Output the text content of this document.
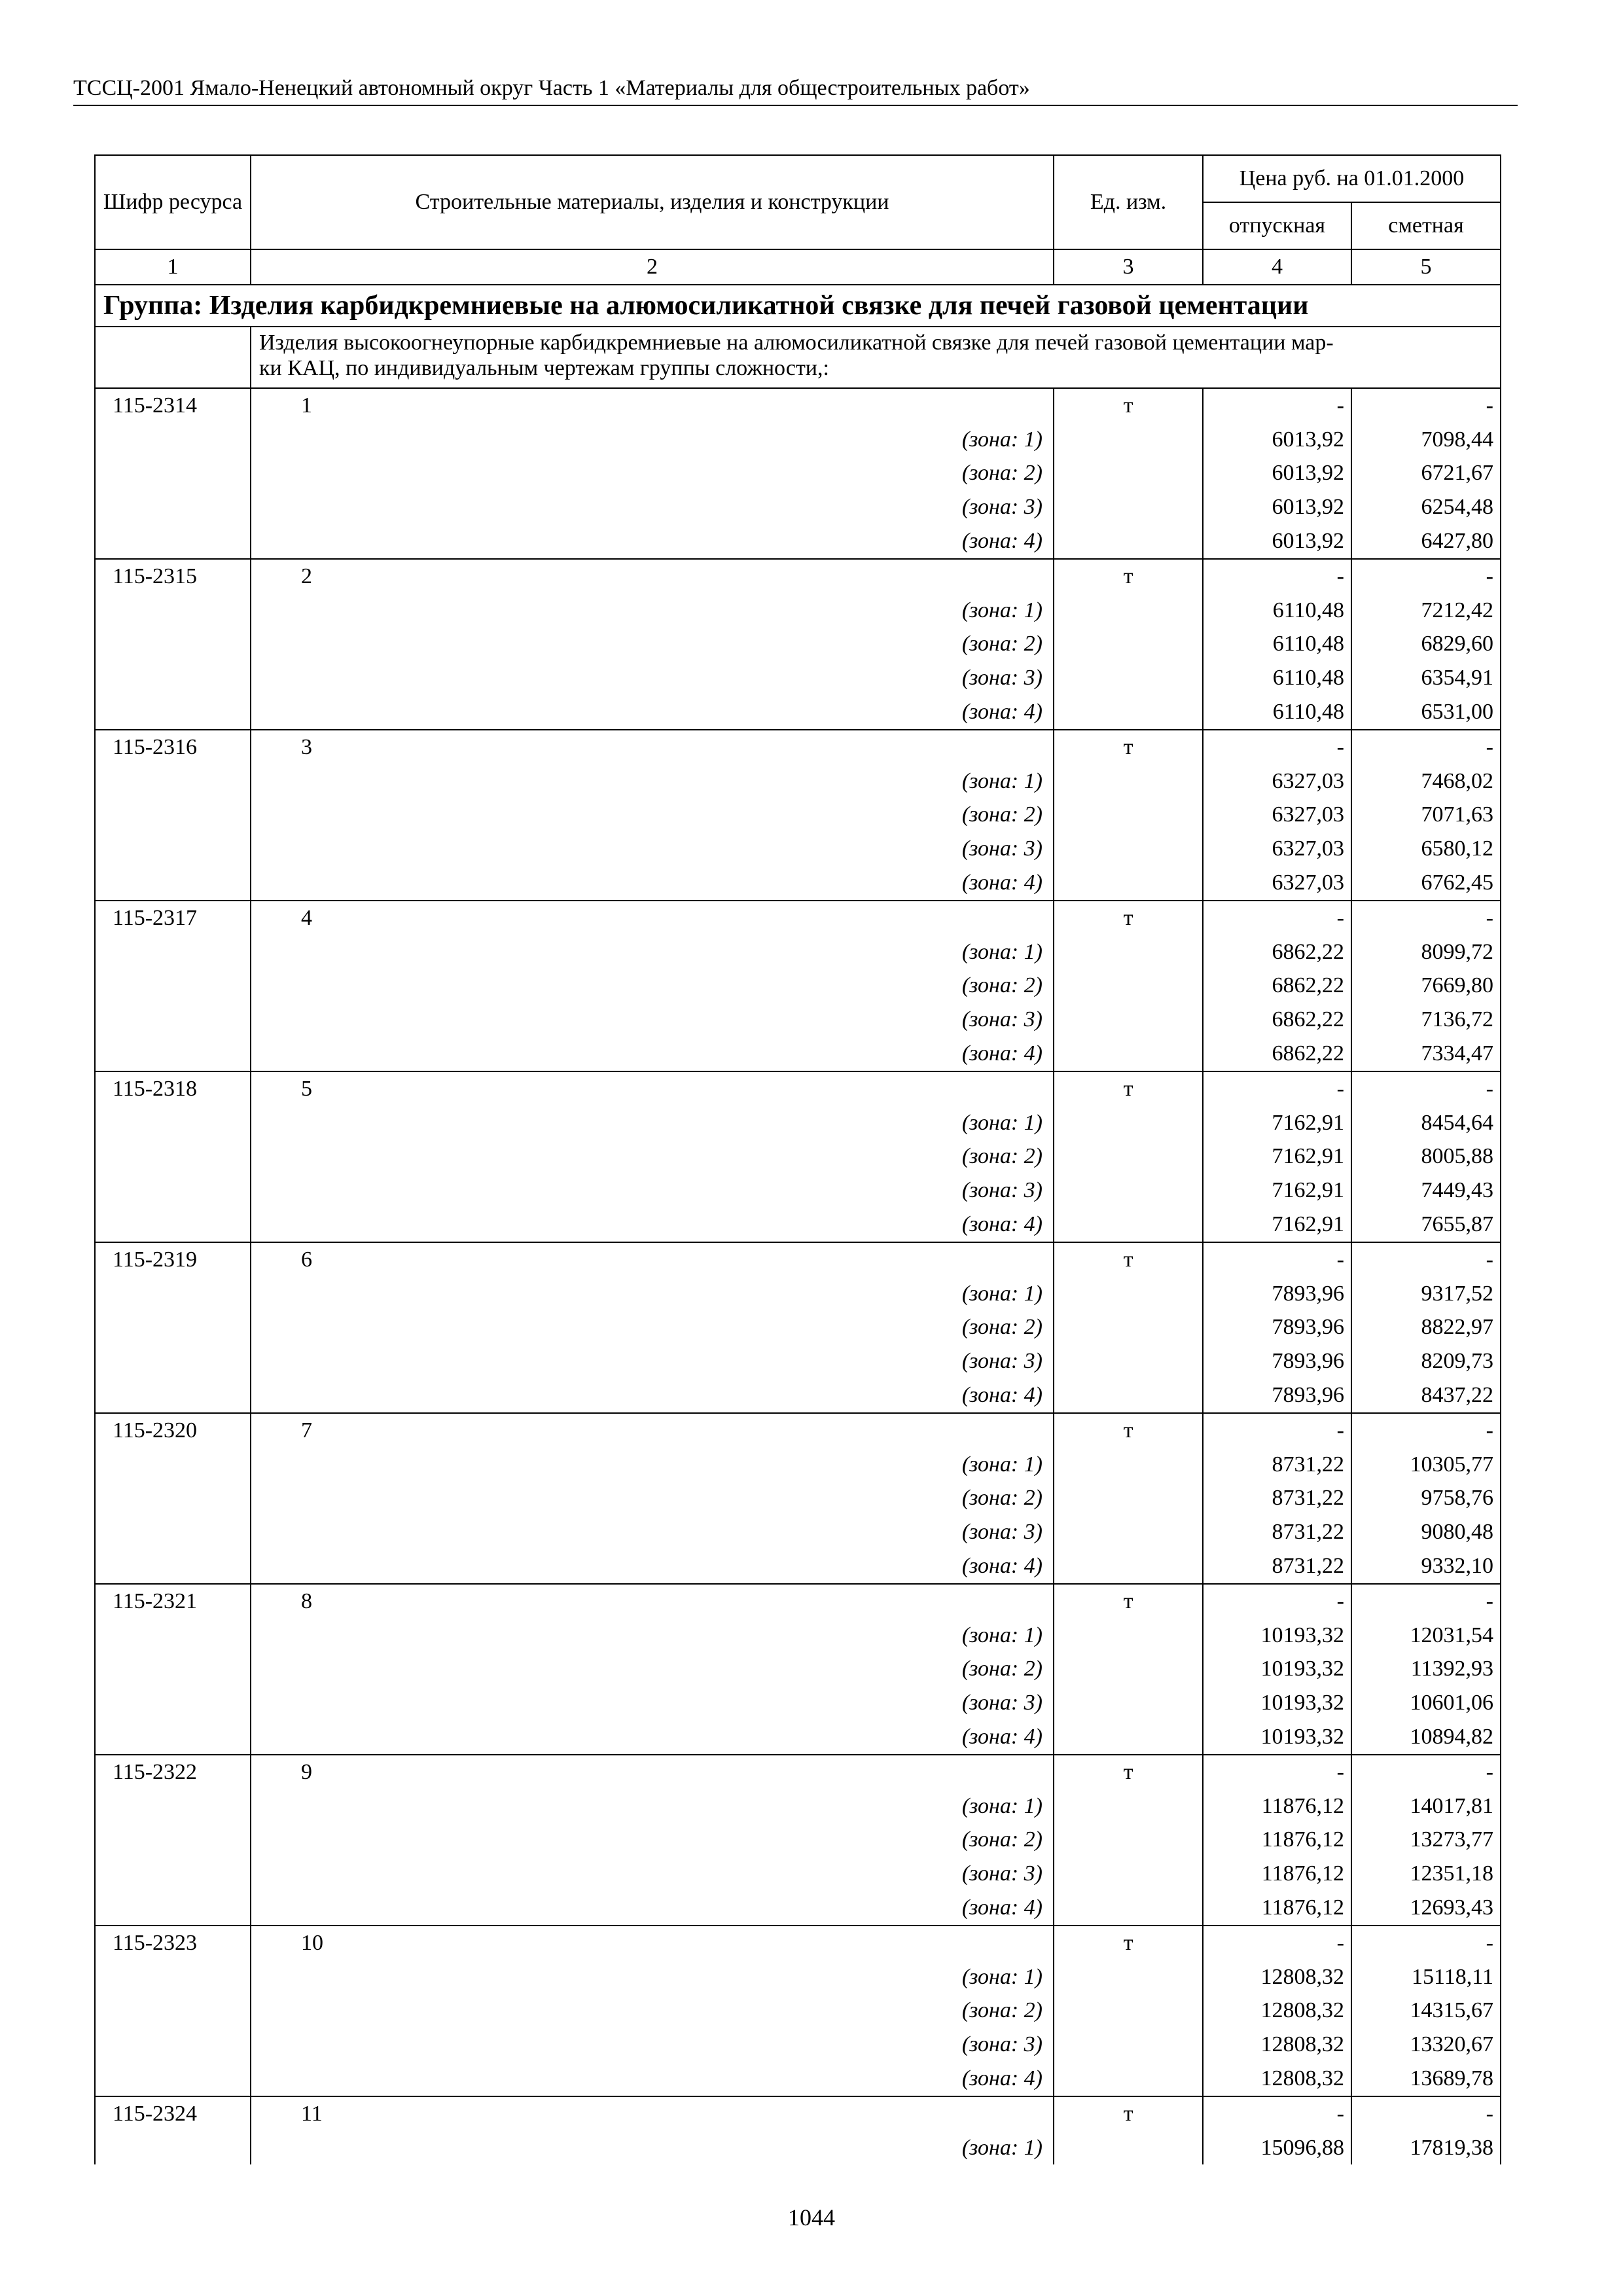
ТССЦ-2001 Ямало-Ненецкий автономный округ Часть 1 «Материалы для общестроительных работ»
Шифр ресурса	Строительные материалы, изделия и конструкции	Ед. изм.	Цена руб. на 01.01.2000	
			отпускная	сметная
1	2	3	4	5
Группа: Изделия карбидкремниевые на алюмосиликатной связке для печей газовой цементации				

	Изделия высокоогнеупорные карбидкремниевые на алюмосиликатной связке для печей газовой цементации мар-
ки КАЦ, по индивидуальным чертежам группы сложности,:			

115-2314	1	т	-	-
	(зона: 1)		6013,92	7098,44
	(зона: 2)		6013,92	6721,67
	(зона: 3)		6013,92	6254,48
	(зона: 4)		6013,92	6427,80
115-2315	2	т	-	-
	(зона: 1)		6110,48	7212,42
	(зона: 2)		6110,48	6829,60
	(зона: 3)		6110,48	6354,91
	(зона: 4)		6110,48	6531,00
115-2316	3	т	-	-
	(зона: 1)		6327,03	7468,02
	(зона: 2)		6327,03	7071,63
	(зона: 3)		6327,03	6580,12
	(зона: 4)		6327,03	6762,45
115-2317	4	т	-	-
	(зона: 1)		6862,22	8099,72
	(зона: 2)		6862,22	7669,80
	(зона: 3)		6862,22	7136,72
	(зона: 4)		6862,22	7334,47
115-2318	5	т	-	-
	(зона: 1)		7162,91	8454,64
	(зона: 2)		7162,91	8005,88
	(зона: 3)		7162,91	7449,43
	(зона: 4)		7162,91	7655,87
115-2319	6	т	-	-
	(зона: 1)		7893,96	9317,52
	(зона: 2)		7893,96	8822,97
	(зона: 3)		7893,96	8209,73
	(зона: 4)		7893,96	8437,22
115-2320	7	т	-	-
	(зона: 1)		8731,22	10305,77
	(зона: 2)		8731,22	9758,76
	(зона: 3)		8731,22	9080,48
	(зона: 4)		8731,22	9332,10
115-2321	8	т	-	-
	(зона: 1)		10193,32	12031,54
	(зона: 2)		10193,32	11392,93
	(зона: 3)		10193,32	10601,06
	(зона: 4)		10193,32	10894,82
115-2322	9	т	-	-
	(зона: 1)		11876,12	14017,81
	(зона: 2)		11876,12	13273,77
	(зона: 3)		11876,12	12351,18
	(зона: 4)		11876,12	12693,43
115-2323	10	т	-	-
	(зона: 1)		12808,32	15118,11
	(зона: 2)		12808,32	14315,67
	(зона: 3)		12808,32	13320,67
	(зона: 4)		12808,32	13689,78
115-2324	11	т	-	-
	(зона: 1)		15096,88	17819,38
1044
